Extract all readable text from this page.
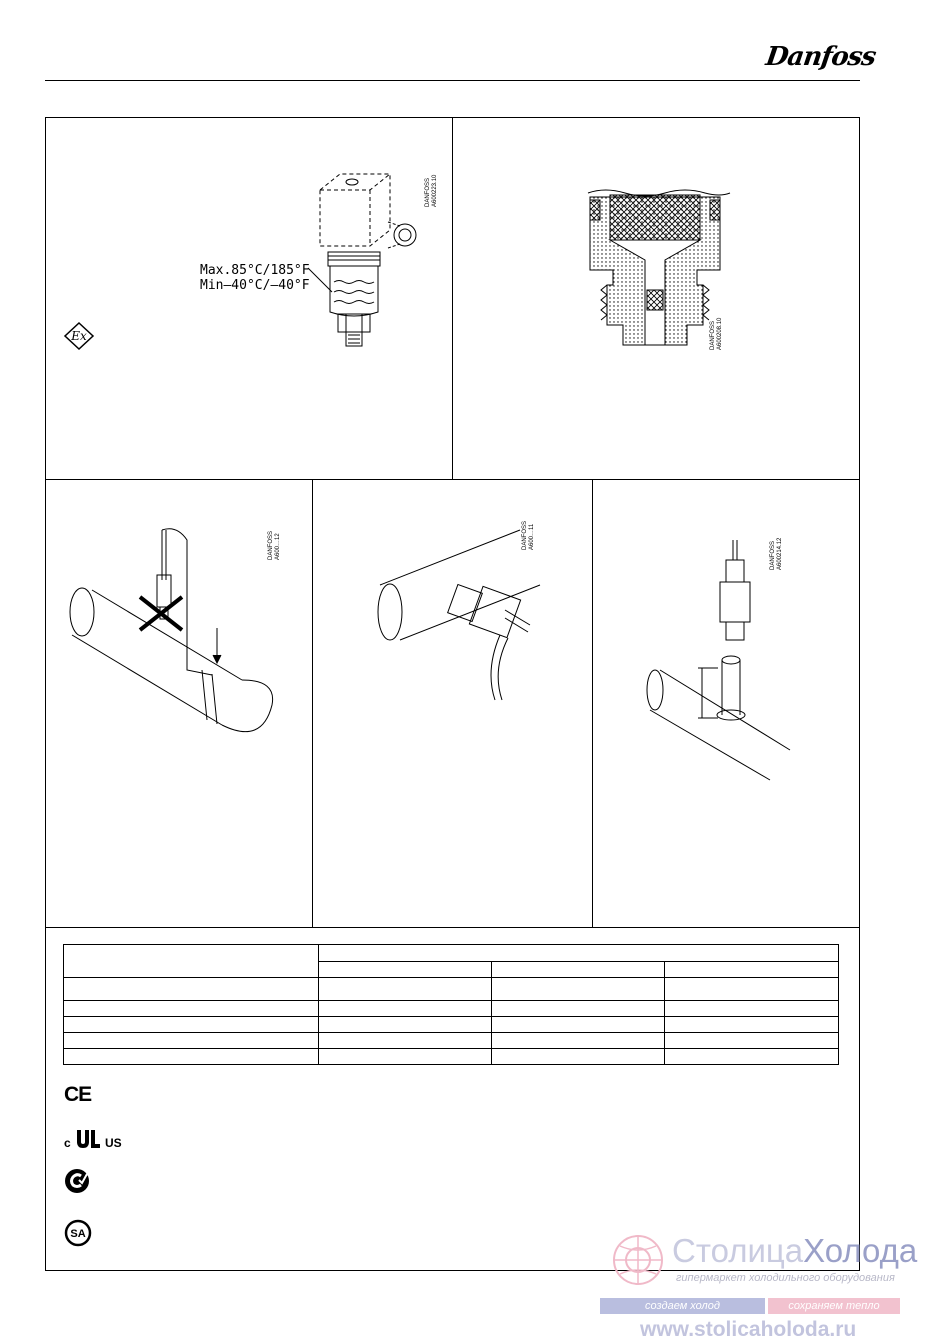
Danfoss
Max.85°C/185°F
Min–40°C/–40°F
Ex
DANFOSS
A600223.10
DANFOSS
A600208.10
DANFOSS
A600…12	DANFOSS
A600…11
DANFOSS
A600214.12

CE
c	US
SA	СтолицаХолода
гипермаркет холодильного оборудования
создаем холод	сохраняем тепло
www.stolicaholoda.ru
